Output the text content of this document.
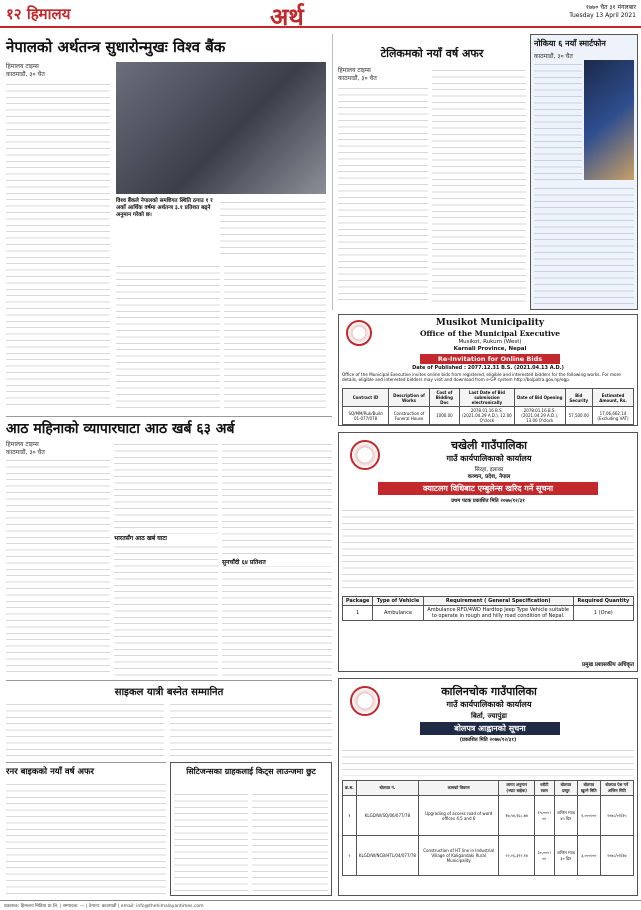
१२ हिमालय	अर्थ	१७७० चैत ३१ मंगलबार
Tuesday 13 April 2021
नेपालको अर्थतन्त्र सुधारोन्मुखः विश्व बैंक
हिमालय टाइम्स
काठमाडौं, ३० चैत
विश्व बैंकले नेपालको समष्टिगत स्थिति ठगाउ १ र अर्को आर्थिक वर्षमा अर्थतन्त्र ३.१ प्रतिशत बढ्ने अनुमान गरेको छ।
टेलिकमको नयाँ वर्ष अफर
हिमालय टाइम्स
काठमाडौं, ३० चैत
नोकिया ६ नयाँ स्मार्टफोन
काठमाडौं, ३० चैत
Musikot Municipality
Office of the Municipal Executive
Musikot, Rukum (West)
Karnali Province, Nepal
Re-Invitation for Online Bids
Date of Published : 2077.12.31 B.S. (2021.04.13 A.D.)
Office of the Municipal Executive invites online bids from registered, eligible and interested bidders for the following works. For more details, eligible and interested bidders may visit and download from e-GP system http://bolpatra.gov.np/egp.
Contract ID	Description of Works	Cost of Bidding Doc	Last Date of Bid submission electronically	Date of Bid Opening	Bid Security	Estimated Amount, Rs.
SQ/MM/Ruk/Build 01-077/078	Construction of Funeral House	1000.00	2078.01.16 B.S. (2021.04.29 A.D.), 12.00 O'clock	2078.01.16 B.S. (2021.04.29 A.D.), 13.00 O'clock	57,500.00	17,06,662.14 (Excluding VAT)
आठ महिनाको व्यापारघाटा आठ खर्ब ६३ अर्ब
हिमालय टाइम्स
काठमाडौं, ३० चैत
भारतसँग आठ खर्ब घाटा
सुनचाँदी ६४ प्रतिशत
चखेली गाउँपालिका
गाउँ कार्यपालिकाको कार्यालय
सिरहा, इलाका
कञ्चन, प्रदेश, नेपाल
क्याटलग विधिबाट एम्बुलेन्स खरिद गर्ने सूचना
प्रथम पटक प्रकाशित मिति २०७७/१२/३१
Package	Type of Vehicle	Requirement ( General Specification)	Required Quantity
1	Ambulance	Ambulance RFD/4WD Hardtop Jeep Type Vehicle suitable to operate in rough and hilly road condition of Nepal.	1 (One)
प्रमुख प्रशासकीय अधिकृत
साइकल यात्री बस्नेत सम्मानित
रनर बाइकको नयाँ वर्ष अफर	सिटिजन्सका ग्राहकलाई किट्स लाउन्जमा छुट
कालिनचोक गाउँपालिका
गाउँ कार्यपालिकाको कार्यालय
बिर्ता, ज्यापुंडा
बोलपत्र आह्वानको सूचना
(प्रकाशित मिति २०७७/१२/३१)
क्र.स.	बोलपत्र नं.	कामको विवरण	लागत अनुमान (भ्याट बाहेक)	धरौटी रकम	बोलपत्र दस्तुर	बोलपत्र खुल्ने मिति	बोलपत्र पेश गर्ने अन्तिम मिति
१	KLGD/W/SQ/06/077/78	Upgrading of access road of ward offices 4,5 and 6	१७,५४,१६८.७४	१५,०००।००	अन्तिम म्याद ४५ दिन	१,०००।००	२०७८/०१/१५
२	KLGD/W/NCB/HTL/04/077/78	Construction of HT line in Industrial Village of Kaligandaki Rural Municipality	२२,०६,३९२.१४	३०,०००।००	अन्तिम म्याद ३० दिन	३,०००।००	२०७८/०१/१७
प्रकाशक: हिमालय मिडिया प्रा.लि. | सम्पादक: — | ठेगाना: काठमाडौं | email: info@thehimalayantimes.com
